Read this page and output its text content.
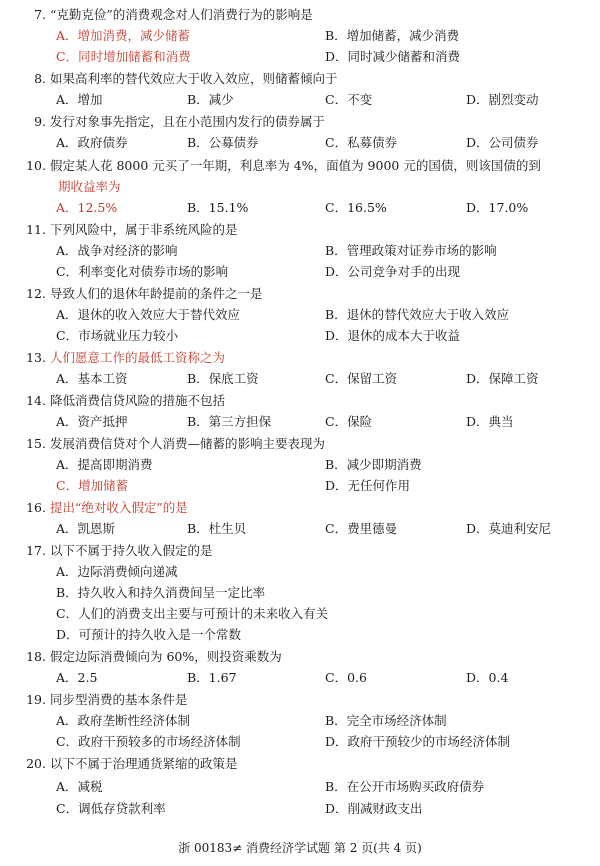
7. “克勤克俭”的消费观念对人们消费行为的影响是
A．增加消费，减少储蓄	B．增加储蓄，减少消费
C．同时增加储蓄和消费	D．同时减少储蓄和消费
8. 如果高利率的替代效应大于收入效应，则储蓄倾向于
A．增加	B．减少	C．不变	D．剧烈变动
9. 发行对象事先指定，且在小范围内发行的债券属于
A．政府债券	B．公募债券	C．私募债券	D．公司债券
10. 假定某人花 8000 元买了一年期，利息率为 4%，面值为 9000 元的国债，则该国债的到
期收益率为
A．12.5%	B．15.1%	C．16.5%	D．17.0%
11. 下列风险中，属于非系统风险的是
A．战争对经济的影响	B．管理政策对证券市场的影响
C．利率变化对债券市场的影响	D．公司竞争对手的出现
12. 导致人们的退休年龄提前的条件之一是
A．退休的收入效应大于替代效应	B．退休的替代效应大于收入效应
C．市场就业压力较小	D．退休的成本大于收益
13. 人们愿意工作的最低工资称之为
A．基本工资	B．保底工资	C．保留工资	D．保障工资
14. 降低消费信贷风险的措施不包括
A．资产抵押	B．第三方担保	C．保险	D．典当
15. 发展消费信贷对个人消费—储蓄的影响主要表现为
A．提高即期消费	B．减少即期消费
C．增加储蓄	D．无任何作用
16. 提出“绝对收入假定”的是
A．凯恩斯	B．杜生贝	C．费里德曼	D．莫迪利安尼
17. 以下不属于持久收入假定的是
A．边际消费倾向递减
B．持久收入和持久消费间呈一定比率
C．人们的消费支出主要与可预计的未来收入有关
D．可预计的持久收入是一个常数
18. 假定边际消费倾向为 60%，则投资乘数为
A．2.5	B．1.67	C．0.6	D．0.4
19. 同步型消费的基本条件是
A．政府垄断性经济体制	B．完全市场经济体制
C．政府干预较多的市场经济体制	D．政府干预较少的市场经济体制
20. 以下不属于治理通货紧缩的政策是
A．减税	B．在公开市场购买政府债券
C．调低存贷款利率	D．削减财政支出
浙 00183≠ 消费经济学试题 第 2 页(共 4 页)
